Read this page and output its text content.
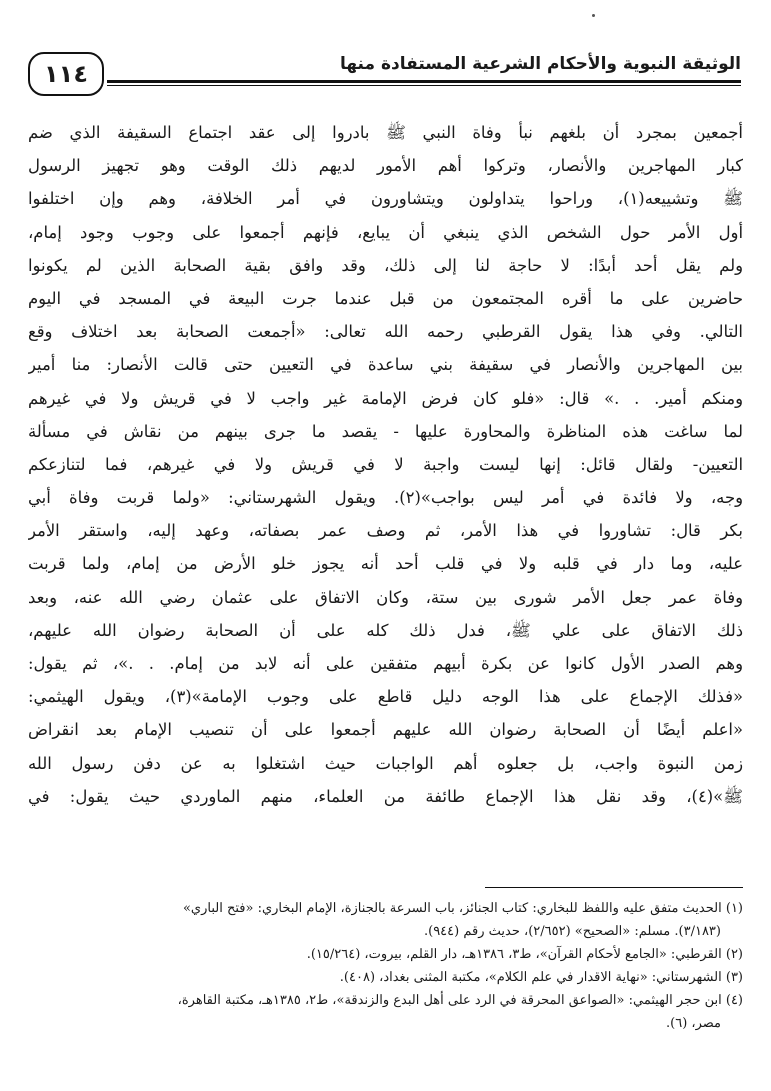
الوثيقة النبوية والأحكام الشرعية المستفادة منها
١١٤
أجمعين بمجرد أن بلغهم نبأ وفاة النبي ﷺ بادروا إلى عقد اجتماع السقيفة الذي ضم
كبار المهاجرين والأنصار، وتركوا أهم الأمور لديهم ذلك الوقت وهو تجهيز الرسول
ﷺ وتشييعه(١)، وراحوا يتداولون ويتشاورون في أمر الخلافة، وهم وإن اختلفوا
أول الأمر حول الشخص الذي ينبغي أن يبايع، فإنهم أجمعوا على وجوب وجود إمام،
ولم يقل أحد أبدًا: لا حاجة لنا إلى ذلك، وقد وافق بقية الصحابة الذين لم يكونوا
حاضرين على ما أقره المجتمعون من قبل عندما جرت البيعة في المسجد في اليوم
التالي. وفي هذا يقول القرطبي رحمه الله تعالى: «أجمعت الصحابة بعد اختلاف وقع
بين المهاجرين والأنصار في سقيفة بني ساعدة في التعيين حتى قالت الأنصار: منا أمير
ومنكم أمير. . .» قال: «فلو كان فرض الإمامة غير واجب لا في قريش ولا في غيرهم
لما ساغت هذه المناظرة والمحاورة عليها - يقصد ما جرى بينهم من نقاش في مسألة
التعيين- ولقال قائل: إنها ليست واجبة لا في قريش ولا في غيرهم، فما لتنازعكم
وجه، ولا فائدة في أمر ليس بواجب»(٢). ويقول الشهرستاني: «ولما قربت وفاة أبي
بكر قال: تشاوروا في هذا الأمر، ثم وصف عمر بصفاته، وعهد إليه، واستقر الأمر
عليه، وما دار في قلبه ولا في قلب أحد أنه يجوز خلو الأرض من إمام، ولما قربت
وفاة عمر جعل الأمر شورى بين ستة، وكان الاتفاق على عثمان رضي الله عنه، وبعد
ذلك الاتفاق على علي ﷺ، فدل ذلك كله على أن الصحابة رضوان الله عليهم،
وهم الصدر الأول كانوا عن بكرة أبيهم متفقين على أنه لابد من إمام. . .»، ثم يقول:
«فذلك الإجماع على هذا الوجه دليل قاطع على وجوب الإمامة»(٣)، ويقول الهيثمي:
«اعلم أيضًا أن الصحابة رضوان الله عليهم أجمعوا على أن تنصيب الإمام بعد انقراض
زمن النبوة واجب، بل جعلوه أهم الواجبات حيث اشتغلوا به عن دفن رسول الله
ﷺ»(٤)، وقد نقل هذا الإجماع طائفة من العلماء، منهم الماوردي حيث يقول: في
(١) الحديث متفق عليه واللفظ للبخاري: كتاب الجنائز، باب السرعة بالجنازة، الإمام البخاري: «فتح الباري»
(٣/١٨٣). مسلم: «الصحيح» (٢/٦٥٢)، حديث رقم (٩٤٤).
(٢) القرطبي: «الجامع لأحكام القرآن»، ط٣، ١٣٨٦هـ، دار القلم، بيروت، (١٥/٢٦٤).
(٣) الشهرستاني: «نهاية الاقدار في علم الكلام»، مكتبة المثنى بغداد، (٤٠٨).
(٤) ابن حجر الهيثمي: «الصواعق المحرقة في الرد على أهل البدع والزندقة»، ط٢، ١٣٨٥هـ، مكتبة القاهرة،
مصر، (٦).
